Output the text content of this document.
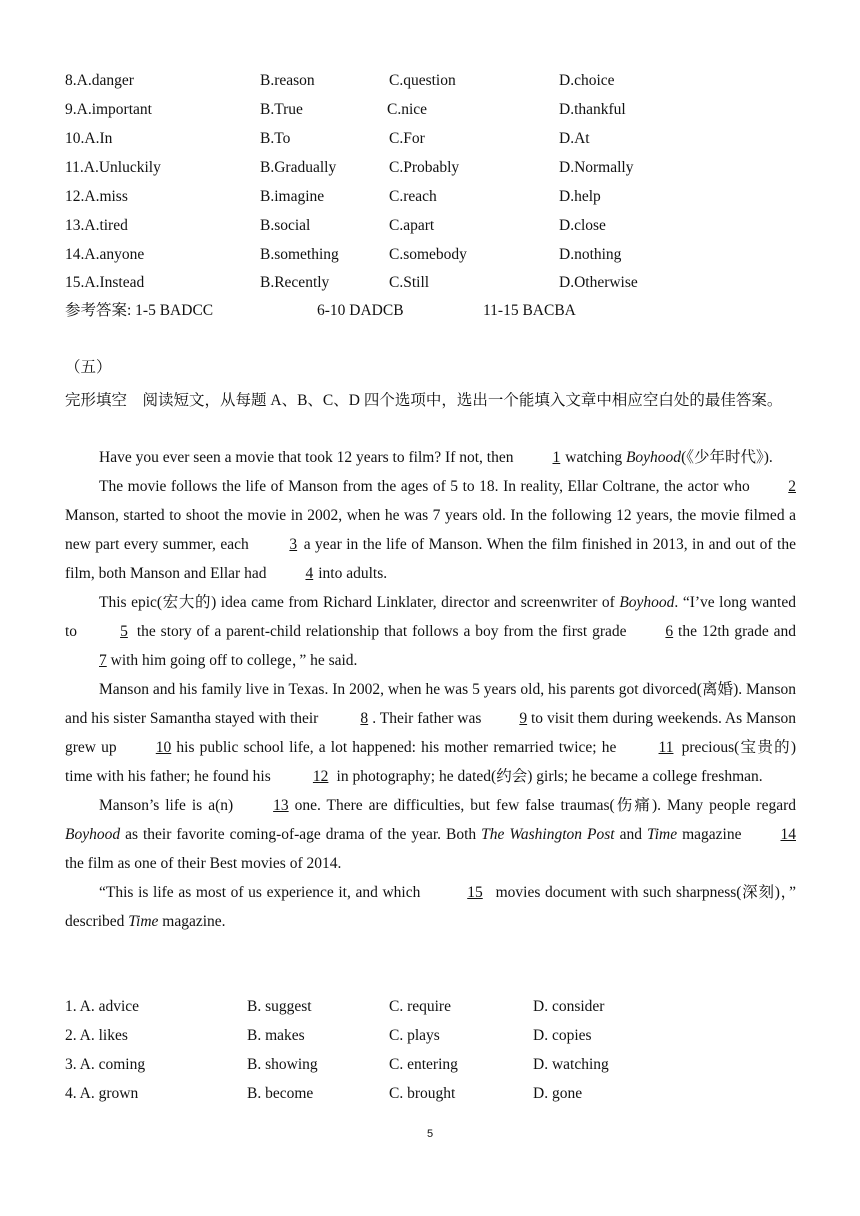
8.A.danger	B.reason	C.question	D.choice
9.A.important	B.True	C.nice	D.thankful
10.A.In	B.To	C.For	D.At
11.A.Unluckily	B.Gradually	C.Probably	D.Normally
12.A.miss	B.imagine	C.reach	D.help
13.A.tired	B.social	C.apart	D.close
14.A.anyone	B.something	C.somebody	D.nothing
15.A.Instead	B.Recently	C.Still	D.Otherwise
参考答案: 1-5 BADCC	6-10 DADCB	11-15 BACBA
（五）
完形填空　阅读短文，从每题 A、B、C、D 四个选项中，选出一个能填入文章中相应空白处的最佳答案。

Have you ever seen a movie that took 12 years to film? If not, then 1 watching Boyhood(《少年时代》).

The movie follows the life of Manson from the ages of 5 to 18. In reality, Ellar Coltrane, the actor who 2 Manson, started to shoot the movie in 2002, when he was 7 years old. In the following 12 years, the movie filmed a new part every summer, each 3 a year in the life of Manson. When the film finished in 2013, in and out of the film, both Manson and Ellar had 4 into adults.

This epic(宏大的) idea came from Richard Linklater, director and screenwriter of Boyhood. “I’ve long wanted to 5 the story of a parent-child relationship that follows a boy from the first grade 6 the 12th grade and 7 with him going off to college，” he said.

Manson and his family live in Texas. In 2002, when he was 5 years old, his parents got divorced(离婚). Manson and his sister Samantha stayed with their 8 . Their father was 9 to visit them during weekends. As Manson grew up 10 his public school life, a lot happened: his mother remarried twice; he 11 precious(宝贵的) time with his father; he found his 12 in photography; he dated(约会) girls; he became a college freshman.

Manson’s life is a(n) 13 one. There are difficulties, but few false traumas(伤痛). Many people regard Boyhood as their favorite coming-of-age drama of the year. Both The Washington Post and Time magazine 14 the film as one of their Best movies of 2014.

“This is life as most of us experience it, and which	15 movies document with such sharpness(深刻)，” described Time magazine.

1. A. advice	B. suggest	C. require	D. consider
2. A. likes	B. makes	C. plays	D. copies
3. A. coming	B. showing	C. entering	D. watching
4. A. grown	B. become	C. brought	D. gone
5
